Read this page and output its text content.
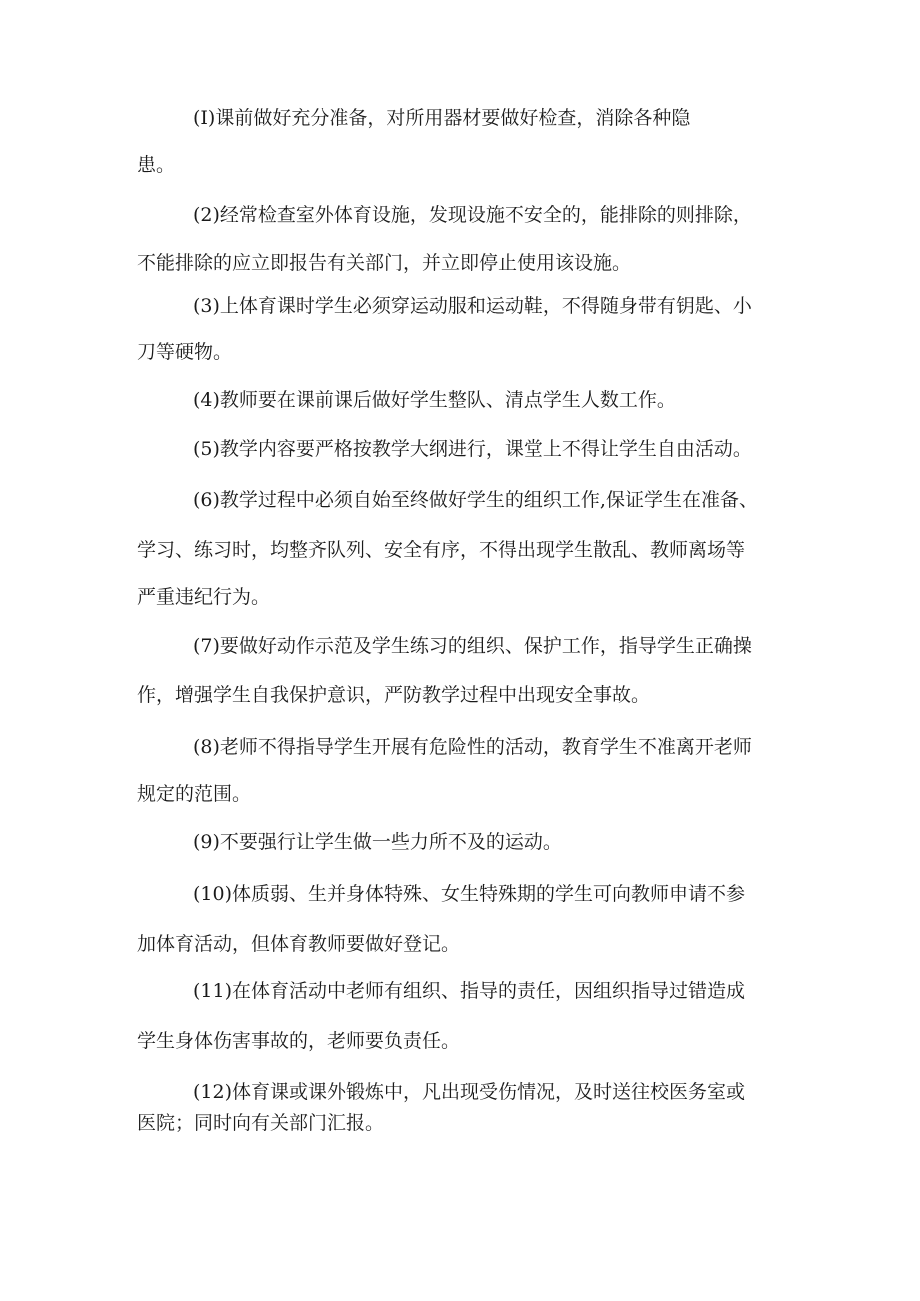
(I)课前做好充分准备，对所用器材要做好检查，消除各种隐
患。
(2)经常检查室外体育设施，发现设施不安全的，能排除的则排除，
不能排除的应立即报告有关部门，并立即停止使用该设施。
(3)上体育课时学生必须穿运动服和运动鞋，不得随身带有钥匙、小
刀等硬物。
(4)教师要在课前课后做好学生整队、清点学生人数工作。
(5)教学内容要严格按教学大纲进行，课堂上不得让学生自由活动。
(6)教学过程中必须自始至终做好学生的组织工作,保证学生在准备、
学习、练习时，均整齐队列、安全有序，不得出现学生散乱、教师离场等
严重违纪行为。
(7)要做好动作示范及学生练习的组织、保护工作，指导学生正确操
作，增强学生自我保护意识，严防教学过程中出现安全事故。
(8)老师不得指导学生开展有危险性的活动，教育学生不准离开老师
规定的范围。
(9)不要强行让学生做一些力所不及的运动。
(10)体质弱、生并身体特殊、女生特殊期的学生可向教师申请不参
加体育活动，但体育教师要做好登记。
(11)在体育活动中老师有组织、指导的责任，因组织指导过错造成
学生身体伤害事故的，老师要负责任。
(12)体育课或课外锻炼中，凡出现受伤情况，及时送往校医务室或
医院；同时向有关部门汇报。
